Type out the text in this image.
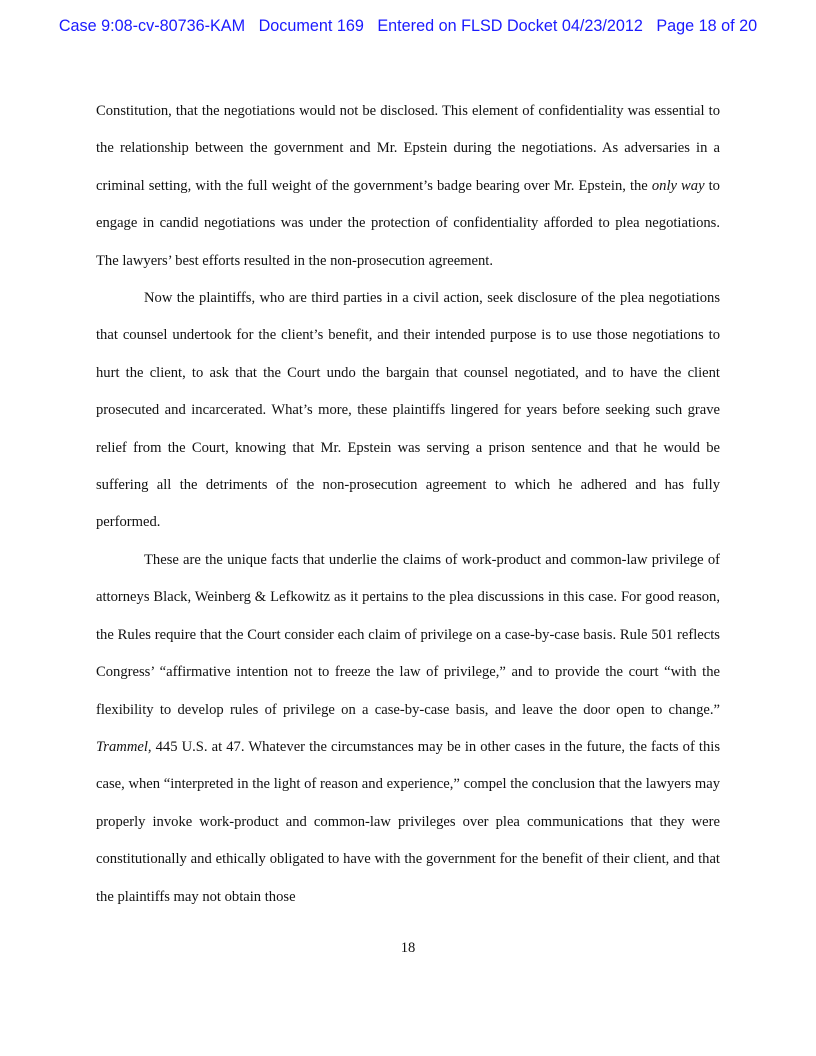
Case 9:08-cv-80736-KAM Document 169 Entered on FLSD Docket 04/23/2012 Page 18 of 20

Constitution, that the negotiations would not be disclosed. This element of confidentiality was essential to the relationship between the government and Mr. Epstein during the negotiations. As adversaries in a criminal setting, with the full weight of the government’s badge bearing over Mr. Epstein, the only way to engage in candid negotiations was under the protection of confidentiality afforded to plea negotiations. The lawyers’ best efforts resulted in the non-prosecution agreement.

Now the plaintiffs, who are third parties in a civil action, seek disclosure of the plea negotiations that counsel undertook for the client’s benefit, and their intended purpose is to use those negotiations to hurt the client, to ask that the Court undo the bargain that counsel negotiated, and to have the client prosecuted and incarcerated. What’s more, these plaintiffs lingered for years before seeking such grave relief from the Court, knowing that Mr. Epstein was serving a prison sentence and that he would be suffering all the detriments of the non-prosecution agreement to which he adhered and has fully performed.

These are the unique facts that underlie the claims of work-product and common-law privilege of attorneys Black, Weinberg & Lefkowitz as it pertains to the plea discussions in this case. For good reason, the Rules require that the Court consider each claim of privilege on a case-by-case basis. Rule 501 reflects Congress’ “affirmative intention not to freeze the law of privilege,” and to provide the court “with the flexibility to develop rules of privilege on a case-by-case basis, and leave the door open to change.” Trammel, 445 U.S. at 47. Whatever the circumstances may be in other cases in the future, the facts of this case, when “interpreted in the light of reason and experience,” compel the conclusion that the lawyers may properly invoke work-product and common-law privileges over plea communications that they were constitutionally and ethically obligated to have with the government for the benefit of their client, and that the plaintiffs may not obtain those

18
